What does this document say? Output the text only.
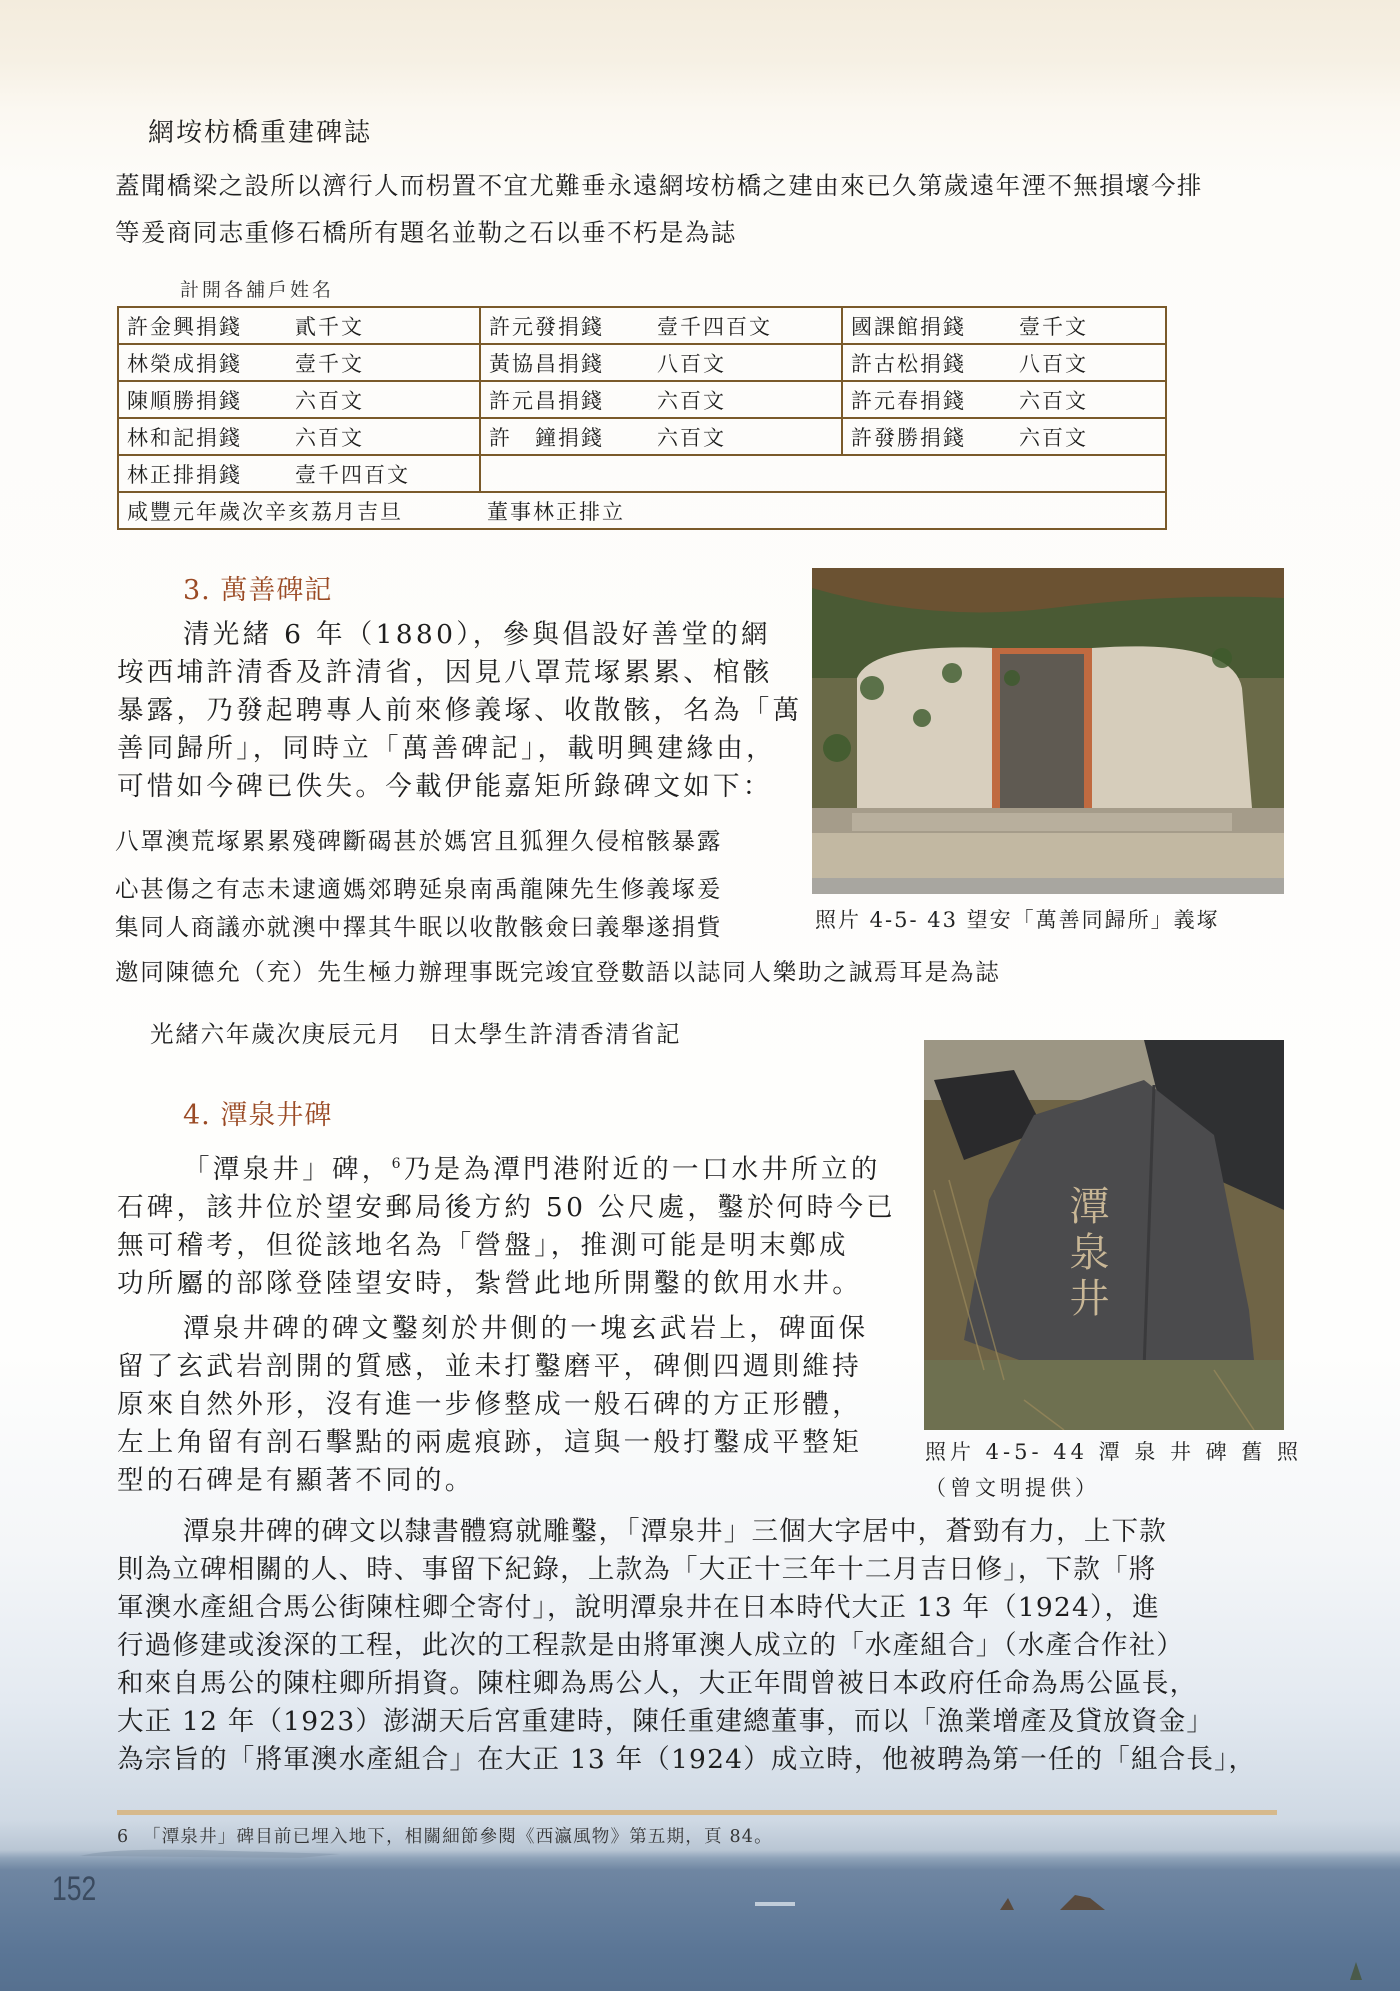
網垵枋橋重建碑誌
蓋聞橋梁之設所以濟行人而枴置不宜尤難垂永遠網垵枋橋之建由來已久第歲遠年湮不無損壞今排
等爰商同志重修石橋所有題名並勒之石以垂不朽是為誌
計開各舖戶姓名
許金興捐錢 貳千文	許元發捐錢 壹千四百文	國課館捐錢 壹千文
林榮成捐錢 壹千文	黃協昌捐錢 八百文	許古松捐錢 八百文
陳順勝捐錢 六百文	許元昌捐錢 六百文	許元春捐錢 六百文
林和記捐錢 六百文	許　鐘捐錢 六百文	許發勝捐錢 六百文
林正排捐錢 壹千四百文		
咸豐元年歲次辛亥荔月吉旦 董事林正排立		
3. 萬善碑記
清光緒 6 年（1880），參與倡設好善堂的網
垵西埔許清香及許清省，因見八罩荒塚累累、棺骸
暴露，乃發起聘專人前來修義塚、收散骸，名為「萬
善同歸所」，同時立「萬善碑記」，載明興建緣由，
可惜如今碑已佚失。今載伊能嘉矩所錄碑文如下：
八罩澳荒塚累累殘碑斷碣甚於媽宮且狐狸久侵棺骸暴露
心甚傷之有志未逮適媽郊聘延泉南禹龍陳先生修義塚爰
集同人商議亦就澳中擇其牛眠以收散骸僉曰義舉遂捐貲
邀同陳德允（充）先生極力辦理事既完竣宜登數語以誌同人樂助之誠焉耳是為誌
光緒六年歲次庚辰元月　日太學生許清香清省記
照片 4-5- 43 望安「萬善同歸所」義塚
4. 潭泉井碑
「潭泉井」碑，$^6$乃是為潭門港附近的一口水井所立的
石碑，該井位於望安郵局後方約 50 公尺處，鑿於何時今已
無可稽考，但從該地名為「營盤」，推測可能是明末鄭成
功所屬的部隊登陸望安時，紮營此地所開鑿的飲用水井。
潭泉井碑的碑文鑿刻於井側的一塊玄武岩上，碑面保
留了玄武岩剖開的質感，並未打鑿磨平，碑側四週則維持
原來自然外形，沒有進一步修整成一般石碑的方正形體，
左上角留有剖石擊點的兩處痕跡，這與一般打鑿成平整矩
型的石碑是有顯著不同的。
潭泉井
照片 4-5- 44 潭 泉 井 碑 舊 照
（曾文明提供）
潭泉井碑的碑文以隸書體寫就雕鑿，「潭泉井」三個大字居中，蒼勁有力，上下款
則為立碑相關的人、時、事留下紀錄，上款為「大正十三年十二月吉日修」，下款「將
軍澳水產組合馬公街陳柱卿仝寄付」，說明潭泉井在日本時代大正 13 年（1924），進
行過修建或浚深的工程，此次的工程款是由將軍澳人成立的「水產組合」（水產合作社）
和來自馬公的陳柱卿所捐資。陳柱卿為馬公人，大正年間曾被日本政府任命為馬公區長，
大正 12 年（1923）澎湖天后宮重建時，陳任重建總董事，而以「漁業增產及貸放資金」
為宗旨的「將軍澳水產組合」在大正 13 年（1924）成立時，他被聘為第一任的「組合長」，
6 「潭泉井」碑目前已埋入地下，相關細節參閱《西瀛風物》第五期，頁 84。
152
